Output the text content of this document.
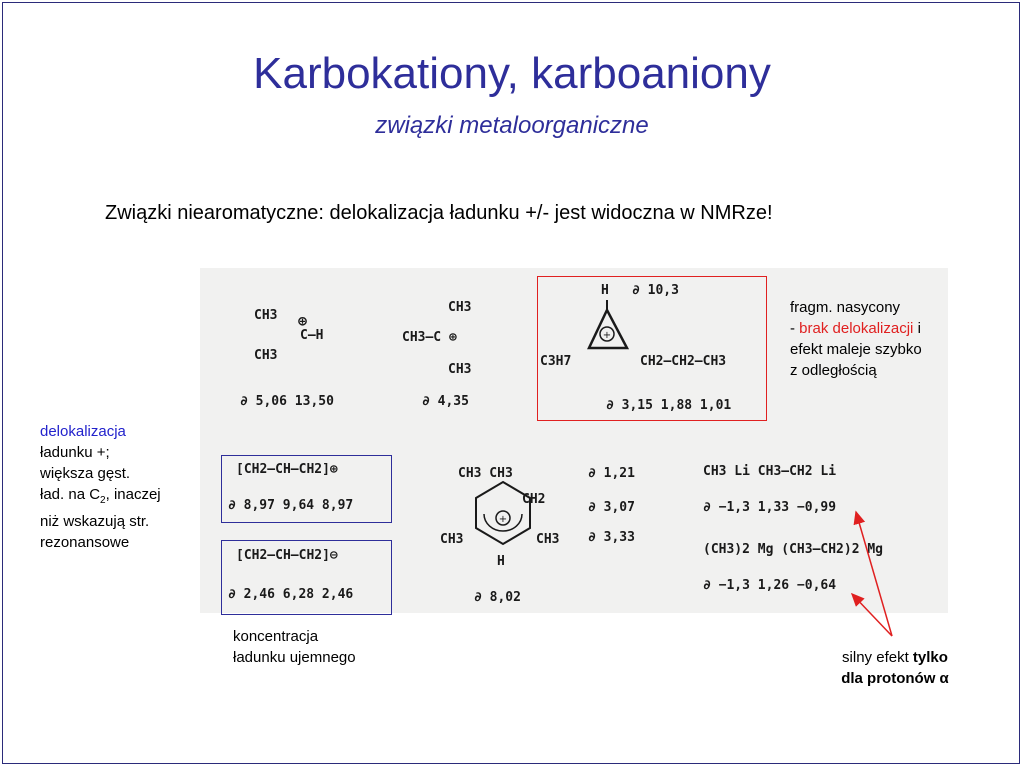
Karbokationy, karboaniony
związki metaloorganiczne
Związki niearomatyczne: delokalizacja ładunku +/- jest widoczna w NMRze!
CH3 ⊕
C—H
CH3
∂ 5,06 13,50
CH3
CH3—C ⊕
CH3
∂ 4,35
H ∂ 10,3
+
C3H7	CH2—CH2—CH3
∂ 3,15 1,88 1,01
fragm. nasycony
- brak delokalizacji i
efekt maleje szybko
z odległością
delokalizacja
ładunku +;
większa gęst.
ład. na $C_2$, inaczej
niż wskazują str.
rezonansowe
[CH2—CH—CH2]⊕
∂ 8,97 9,64 8,97
[CH2—CH—CH2]⊖
∂ 2,46 6,28 2,46
koncentracja
ładunku ujemnego
CH3 CH3
+
CH2
CH3	CH3
H
∂ 8,02
∂ 1,21
∂ 3,07
∂ 3,33
CH3 Li CH3—CH2 Li
∂ −1,3 1,33 −0,99
(CH3)2 Mg (CH3—CH2)2 Mg
∂ −1,3 1,26 −0,64
silny efekt tylko
dla protonów α
